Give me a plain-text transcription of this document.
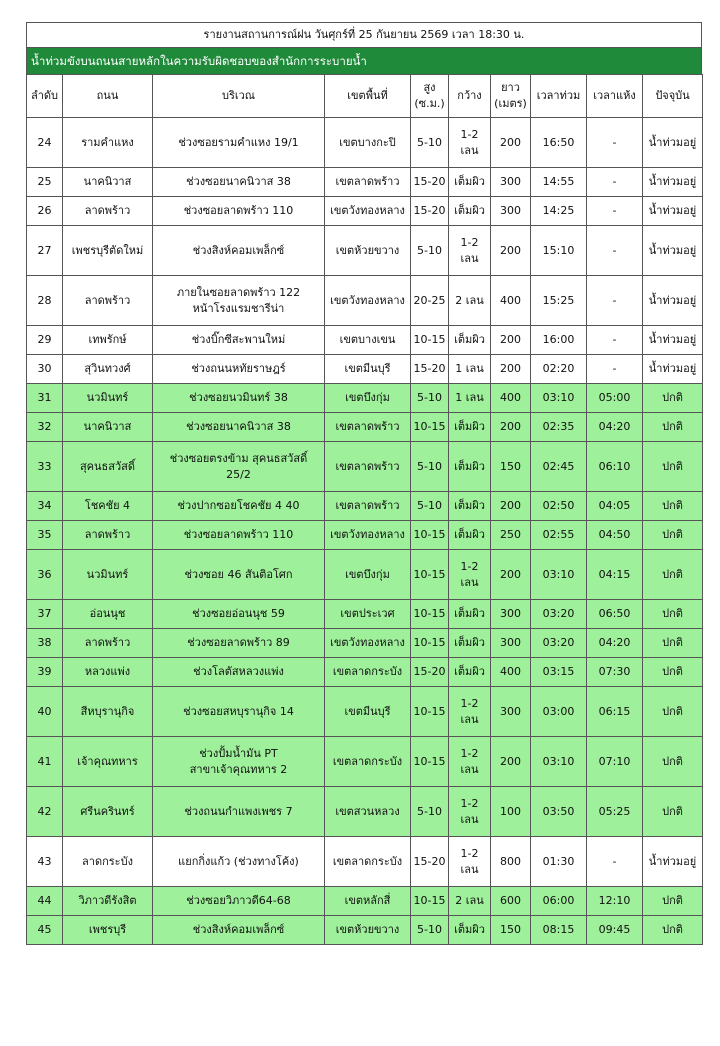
รายงานสถานการณ์ฝน วันศุกร์ที่ 25 กันยายน 2569 เวลา 18:30 น.
น้ำท่วมขังบนถนนสายหลักในความรับผิดชอบของสำนักการระบายน้ำ
ลำดับ	ถนน	บริเวณ	เขตพื้นที่	สูง
(ซ.ม.)	กว้าง	ยาว
(เมตร)	เวลาท่วม	เวลาแห้ง	ปัจจุบัน
24	รามคำแหง	ช่วงซอยรามคำแหง 19/1	เขตบางกะปิ	5-10	1-2
เลน	200	16:50	-	น้ำท่วมอยู่
25	นาคนิวาส	ช่วงซอยนาคนิวาส 38	เขตลาดพร้าว	15-20	เต็มผิว	300	14:55	-	น้ำท่วมอยู่
26	ลาดพร้าว	ช่วงซอยลาดพร้าว 110	เขตวังทองหลาง	15-20	เต็มผิว	300	14:25	-	น้ำท่วมอยู่
27	เพชรบุรีตัดใหม่	ช่วงสิงห์คอมเพล็กซ์	เขตห้วยขวาง	5-10	1-2
เลน	200	15:10	-	น้ำท่วมอยู่
28	ลาดพร้าว	ภายในซอยลาดพร้าว 122
หน้าโรงแรมชารีน่า	เขตวังทองหลาง	20-25	2 เลน	400	15:25	-	น้ำท่วมอยู่
29	เทพรักษ์	ช่วงบิ๊กซีสะพานใหม่	เขตบางเขน	10-15	เต็มผิว	200	16:00	-	น้ำท่วมอยู่
30	สุวินทวงศ์	ช่วงถนนหทัยราษฎร์	เขตมีนบุรี	15-20	1 เลน	200	02:20	-	น้ำท่วมอยู่
31	นวมินทร์	ช่วงซอยนวมินทร์ 38	เขตบึงกุ่ม	5-10	1 เลน	400	03:10	05:00	ปกติ
32	นาคนิวาส	ช่วงซอยนาคนิวาส 38	เขตลาดพร้าว	10-15	เต็มผิว	200	02:35	04:20	ปกติ
33	สุคนธสวัสดิ์	ช่วงซอยตรงข้าม สุคนธสวัสดิ์
25/2	เขตลาดพร้าว	5-10	เต็มผิว	150	02:45	06:10	ปกติ
34	โชคชัย 4	ช่วงปากซอยโชคชัย 4 40	เขตลาดพร้าว	5-10	เต็มผิว	200	02:50	04:05	ปกติ
35	ลาดพร้าว	ช่วงซอยลาดพร้าว 110	เขตวังทองหลาง	10-15	เต็มผิว	250	02:55	04:50	ปกติ
36	นวมินทร์	ช่วงซอย 46 สันติอโศก	เขตบึงกุ่ม	10-15	1-2
เลน	200	03:10	04:15	ปกติ
37	อ่อนนุช	ช่วงซอยอ่อนนุช 59	เขตประเวศ	10-15	เต็มผิว	300	03:20	06:50	ปกติ
38	ลาดพร้าว	ช่วงซอยลาดพร้าว 89	เขตวังทองหลาง	10-15	เต็มผิว	300	03:20	04:20	ปกติ
39	หลวงแพ่ง	ช่วงโลตัสหลวงแพ่ง	เขตลาดกระบัง	15-20	เต็มผิว	400	03:15	07:30	ปกติ
40	สีหบุรานุกิจ	ช่วงซอยสหบุรานุกิจ 14	เขตมีนบุรี	10-15	1-2
เลน	300	03:00	06:15	ปกติ
41	เจ้าคุณทหาร	ช่วงปั้มน้ำมัน PT
สาขาเจ้าคุณทหาร 2	เขตลาดกระบัง	10-15	1-2
เลน	200	03:10	07:10	ปกติ
42	ศรีนครินทร์	ช่วงถนนกำแพงเพชร 7	เขตสวนหลวง	5-10	1-2
เลน	100	03:50	05:25	ปกติ
43	ลาดกระบัง	แยกกิ่งแก้ว (ช่วงทางโค้ง)	เขตลาดกระบัง	15-20	1-2
เลน	800	01:30	-	น้ำท่วมอยู่
44	วิภาวดีรังสิต	ช่วงซอยวิภาวดี64-68	เขตหลักสี่	10-15	2 เลน	600	06:00	12:10	ปกติ
45	เพชรบุรี	ช่วงสิงห์คอมเพล็กซ์	เขตห้วยขวาง	5-10	เต็มผิว	150	08:15	09:45	ปกติ
